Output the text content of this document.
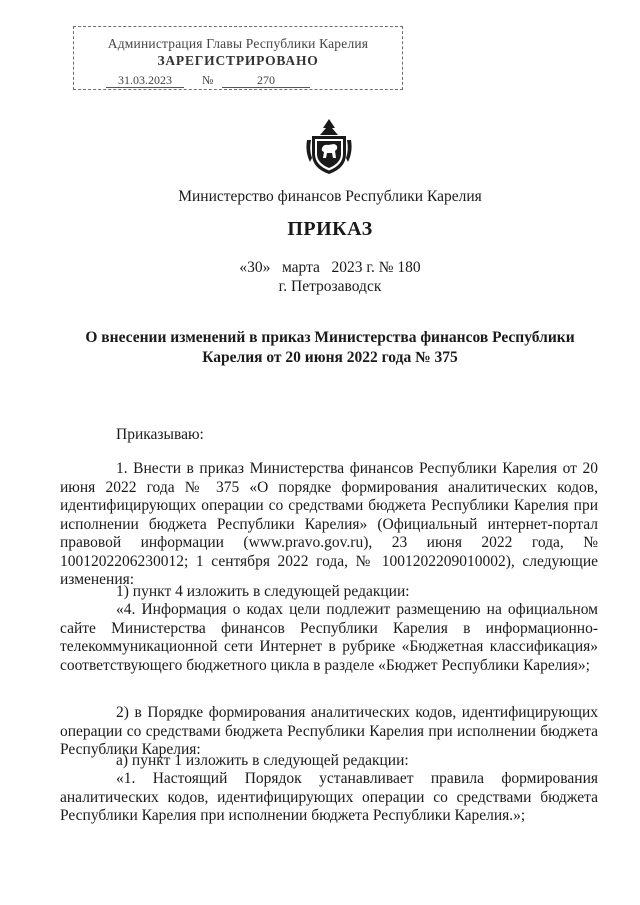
Администрация Главы Республики Карелия
ЗАРЕГИСТРИРОВАНО
31.03.2023	№	270
Министерство финансов Республики Карелия
ПРИКАЗ
«30»   марта   2023 г. № 180
г. Петрозаводск
О внесении изменений в приказ Министерства финансов Республики
Карелия от 20 июня 2022 года № 375
Приказываю:
1. Внести в приказ Министерства финансов Республики Карелия от 20 июня 2022 года № 375 «О порядке формирования аналитических кодов, идентифицирующих операции со средствами бюджета Республики Карелия при исполнении бюджета Республики Карелия» (Официальный интернет-портал правовой информации (www.pravo.gov.ru), 23 июня 2022 года, № 1001202206230012; 1 сентября 2022 года, № 1001202209010002), следующие изменения:
1) пункт 4 изложить в следующей редакции:
«4. Информация о кодах цели подлежит размещению на официальном сайте Министерства финансов Республики Карелия в информационно-телекоммуникационной сети Интернет в рубрике «Бюджетная классификация» соответствующего бюджетного цикла в разделе «Бюджет Республики Карелия»;
2) в Порядке формирования аналитических кодов, идентифицирующих операции со средствами бюджета Республики Карелия при исполнении бюджета Республики Карелия:
а) пункт 1 изложить в следующей редакции:
«1. Настоящий Порядок устанавливает правила формирования аналитических кодов, идентифицирующих операции со средствами бюджета Республики Карелия при исполнении бюджета Республики Карелия.»;
